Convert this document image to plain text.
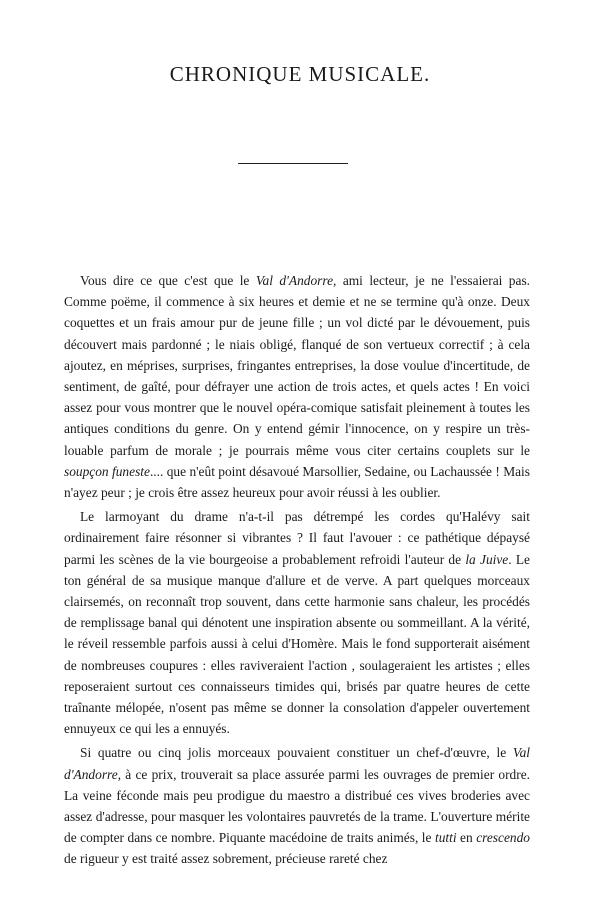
CHRONIQUE MUSICALE.

Vous dire ce que c'est que le Val d'Andorre, ami lecteur, je ne l'essaierai pas. Comme poëme, il commence à six heures et demie et ne se termine qu'à onze. Deux coquettes et un frais amour pur de jeune fille ; un vol dicté par le dévouement, puis découvert mais pardonné ; le niais obligé, flanqué de son vertueux correctif ; à cela ajoutez, en méprises, surprises, fringantes entreprises, la dose voulue d'incertitude, de sentiment, de gaîté, pour défrayer une action de trois actes, et quels actes ! En voici assez pour vous montrer que le nouvel opéra-comique satisfait pleinement à toutes les antiques conditions du genre. On y entend gémir l'innocence, on y respire un très-louable parfum de morale ; je pourrais même vous citer certains couplets sur le soupçon funeste.... que n'eût point désavoué Marsollier, Sedaine, ou Lachaussée ! Mais n'ayez peur ; je crois être assez heureux pour avoir réussi à les oublier.

Le larmoyant du drame n'a-t-il pas détrempé les cordes qu'Halévy sait ordinairement faire résonner si vibrantes ? Il faut l'avouer : ce pathétique dépaysé parmi les scènes de la vie bourgeoise a probablement refroidi l'auteur de la Juive. Le ton général de sa musique manque d'allure et de verve. A part quelques morceaux clairsemés, on reconnaît trop souvent, dans cette harmonie sans chaleur, les procédés de remplissage banal qui dénotent une inspiration absente ou sommeillant. A la vérité, le réveil ressemble parfois aussi à celui d'Homère. Mais le fond supporterait aisément de nombreuses coupures : elles raviveraient l'action , soulageraient les artistes ; elles reposeraient surtout ces connaisseurs timides qui, brisés par quatre heures de cette traînante mélopée, n'osent pas même se donner la consolation d'appeler ouvertement ennuyeux ce qui les a ennuyés.

Si quatre ou cinq jolis morceaux pouvaient constituer un chef-d'œuvre, le Val d'Andorre, à ce prix, trouverait sa place assurée parmi les ouvrages de premier ordre. La veine féconde mais peu prodigue du maestro a distribué ces vives broderies avec assez d'adresse, pour masquer les volontaires pauvretés de la trame. L'ouverture mérite de compter dans ce nombre. Piquante macédoine de traits animés, le tutti en crescendo de rigueur y est traité assez sobrement, précieuse rareté chez
